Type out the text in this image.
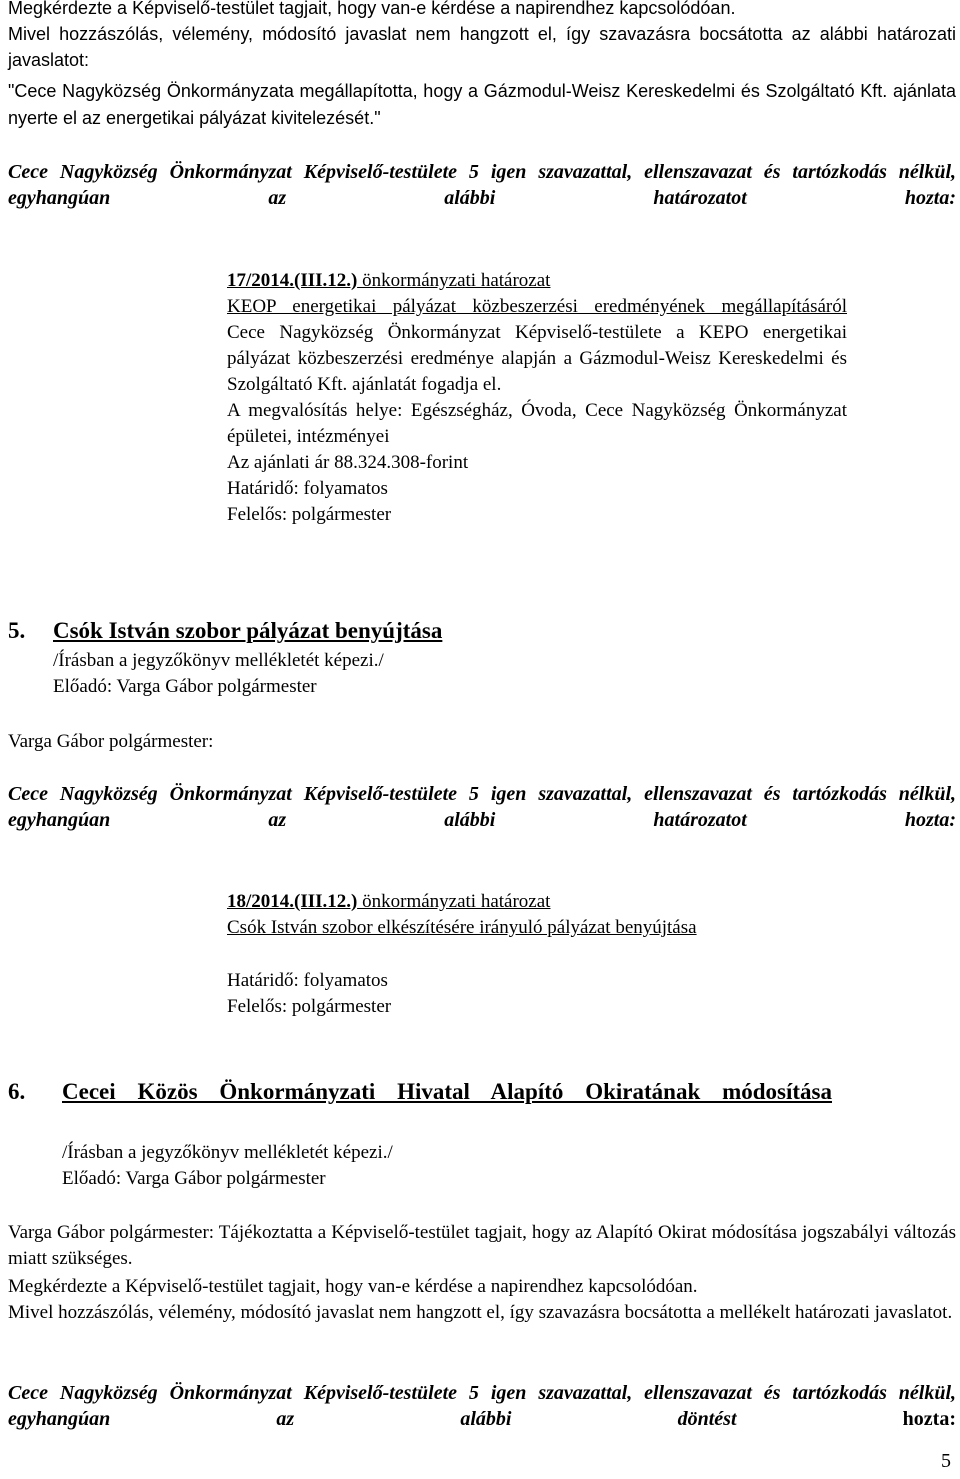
Megkérdezte a Képviselő-testület tagjait, hogy van-e kérdése a napirendhez kapcsolódóan.

Mivel hozzászólás, vélemény, módosító javaslat nem hangzott el, így szavazásra bocsátotta az alábbi határozati javaslatot:

"Cece Nagyközség Önkormányzata megállapította, hogy a Gázmodul-Weisz Kereskedelmi és Szolgáltató Kft. ajánlata nyerte el az energetikai pályázat kivitelezését."

Cece Nagyközség Önkormányzat Képviselő-testülete 5 igen szavazattal, ellenszavazat és tartózkodás nélkül, egyhangúan az alábbi határozatot hozta:

17/2014.(III.12.) önkormányzati határozat

KEOP energetikai pályázat közbeszerzési eredményének megállapításáról

Cece Nagyközség Önkormányzat Képviselő-testülete a KEPO energetikai pályázat közbeszerzési eredménye alapján a Gázmodul-Weisz Kereskedelmi és Szolgáltató Kft. ajánlatát fogadja el.

A megvalósítás helye: Egészségház, Óvoda, Cece Nagyközség Önkormányzat épületei, intézményei

Az ajánlati ár 88.324.308-forint

Határidő: folyamatos

Felelős: polgármester

5.	Csók István szobor pályázat benyújtása

/Írásban a jegyzőkönyv mellékletét képezi./

Előadó: Varga Gábor polgármester

Varga Gábor polgármester:

Cece Nagyközség Önkormányzat Képviselő-testülete 5 igen szavazattal, ellenszavazat és tartózkodás nélkül, egyhangúan az alábbi határozatot hozta:

18/2014.(III.12.) önkormányzati határozat

Csók István szobor elkészítésére irányuló pályázat benyújtása

Határidő: folyamatos

Felelős: polgármester

6.	Cecei Közös Önkormányzati Hivatal Alapító Okiratának módosítása

/Írásban a jegyzőkönyv mellékletét képezi./

Előadó: Varga Gábor polgármester

Varga Gábor polgármester: Tájékoztatta a Képviselő-testület tagjait, hogy az Alapító Okirat módosítása jogszabályi változás miatt szükséges.

Megkérdezte a Képviselő-testület tagjait, hogy van-e kérdése a napirendhez kapcsolódóan.

Mivel hozzászólás, vélemény, módosító javaslat nem hangzott el, így szavazásra bocsátotta a mellékelt határozati javaslatot.

Cece Nagyközség Önkormányzat Képviselő-testülete 5 igen szavazattal, ellenszavazat és tartózkodás nélkül, egyhangúan az alábbi döntést hozta:

5
